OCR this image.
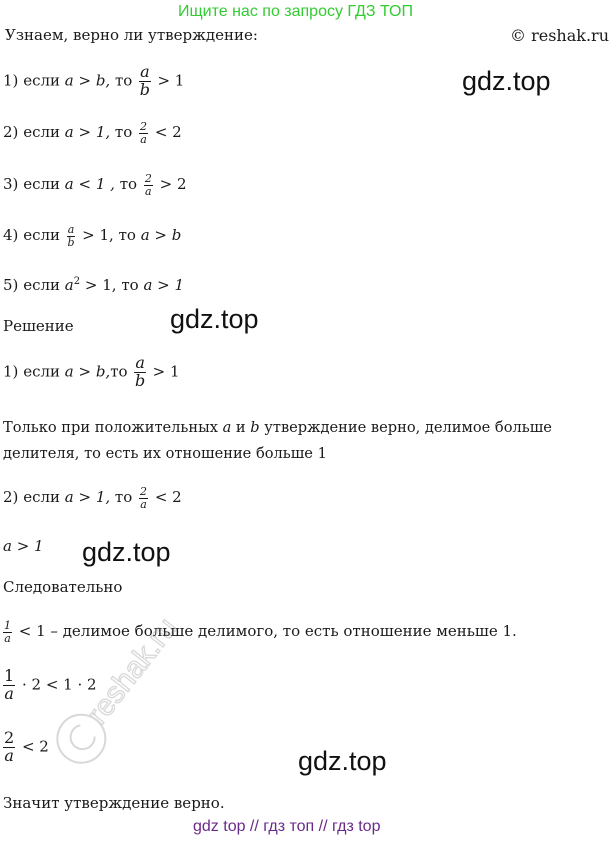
Ищите нас по запросу ГДЗ ТОП
Узнаем, верно ли утверждение:	© reshak.ru
gdz.top
gdz.top
gdz.top
gdz.top
1) если a > b, то $\frac{a}{b} > 1$
2) если a > 1, то $\frac{2}{a} < 2$
3) если a < 1 , то $\frac{2}{a} > 2$
4) если $\frac{a}{b} > 1$, то a > b
5) если $a^2 > 1$, то a > 1
Решение
1) если $a > b,то \frac{a}{b} > 1$
Только при положительных a и b утверждение верно, делимое больше
делителя, то есть их отношение больше 1
2) если a > 1, то $\frac{2}{a} < 2$
a > 1
Следовательно
$\frac{1}{a} < 1$ – делимое больше делимого, то есть отношение меньше 1.
$\frac{1}{a} \cdot 2 < 1 \cdot 2$
$\frac{2}{a} < 2$
Значит утверждение верно.
reshak.ru
gdz top // гдз топ // гдз top
